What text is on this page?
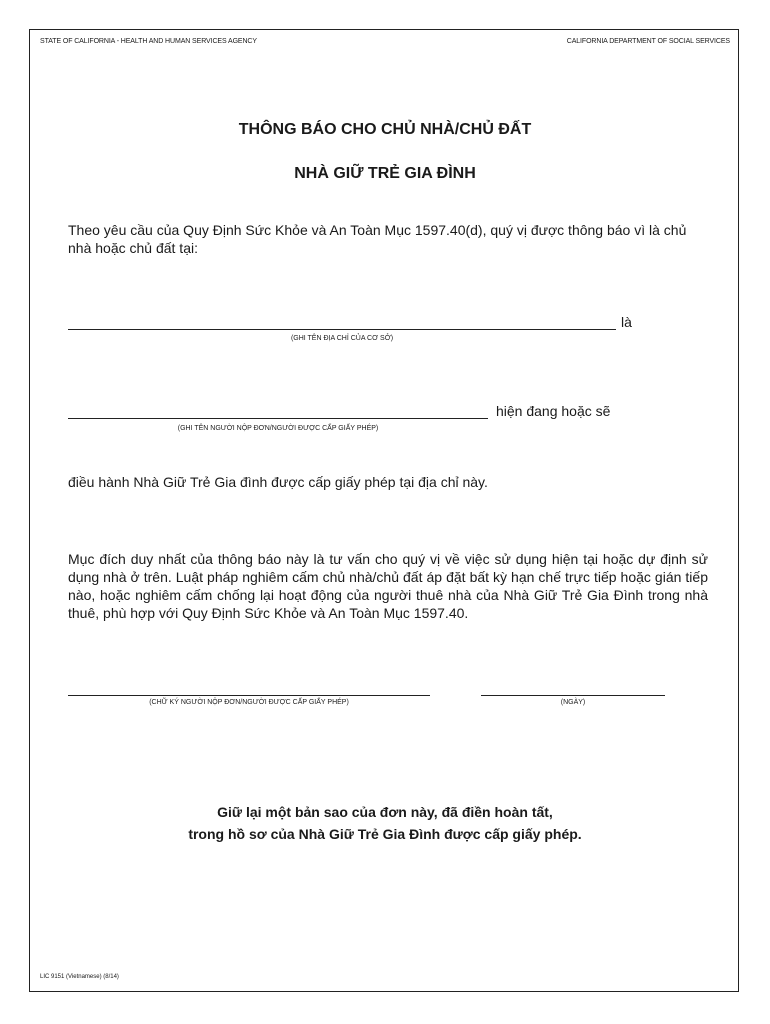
STATE OF CALIFORNIA - HEALTH AND HUMAN SERVICES AGENCY	CALIFORNIA DEPARTMENT OF SOCIAL SERVICES
THÔNG BÁO CHO CHỦ NHÀ/CHỦ ĐẤT
NHÀ GIỮ TRẺ GIA ĐÌNH
Theo yêu cầu của Quy Định Sức Khỏe và An Toàn Mục 1597.40(d), quý vị được thông báo vì là chủ nhà hoặc chủ đất tại:
là
(GHI TÊN ĐỊA CHỈ CỦA CƠ SỞ)
hiện đang hoặc sẽ
(GHI TÊN NGƯỜI NỘP ĐƠN/NGƯỜI ĐƯỢC CẤP GIẤY PHÉP)
điều hành Nhà Giữ Trẻ Gia đình được cấp giấy phép tại địa chỉ này.
Mục đích duy nhất của thông báo này là tư vấn cho quý vị về việc sử dụng hiện tại hoặc dự định sử dụng nhà ở trên. Luật pháp nghiêm cấm chủ nhà/chủ đất áp đặt bất kỳ hạn chế trực tiếp hoặc gián tiếp nào, hoặc nghiêm cấm chống lại hoạt động của người thuê nhà của Nhà Giữ Trẻ Gia Đình trong nhà thuê, phù hợp với Quy Định Sức Khỏe và An Toàn Mục 1597.40.
(CHỮ KÝ NGƯỜI NỘP ĐƠN/NGƯỜI ĐƯỢC CẤP GIẤY PHÉP)	(NGÀY)
Giữ lại một bản sao của đơn này, đã điền hoàn tất,
trong hồ sơ của Nhà Giữ Trẻ Gia Đình được cấp giấy phép.
LIC 9151 (Vietnamese) (8/14)
